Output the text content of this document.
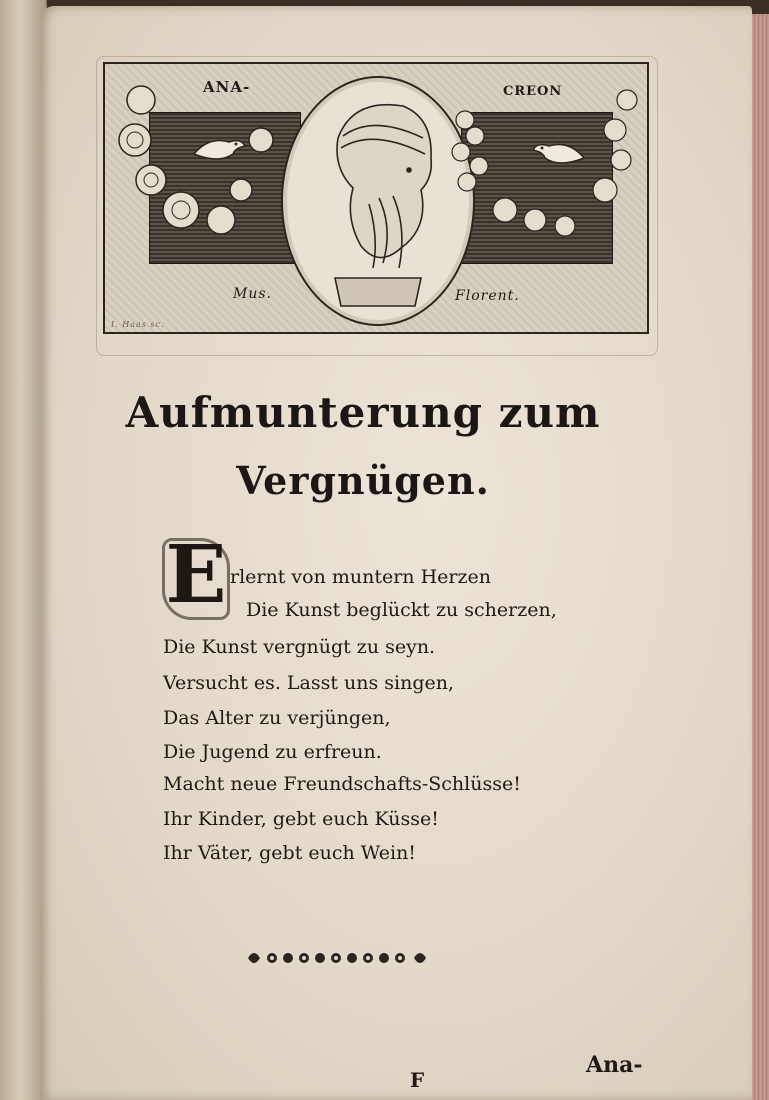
ANA-	CREON
Mus.	Florent.
I. Haas sc.
Aufmunterung zum
Vergnügen.
E rlernt von muntern Herzen
Die Kunst beglückt zu scherzen,
Die Kunst vergnügt zu seyn.
Versucht es. Lasst uns singen,
Das Alter zu verjüngen,
Die Jugend zu erfreun.
Macht neue Freundschafts-Schlüsse!
Ihr Kinder, gebt euch Küsse!
Ihr Väter, gebt euch Wein!
F
Ana-
